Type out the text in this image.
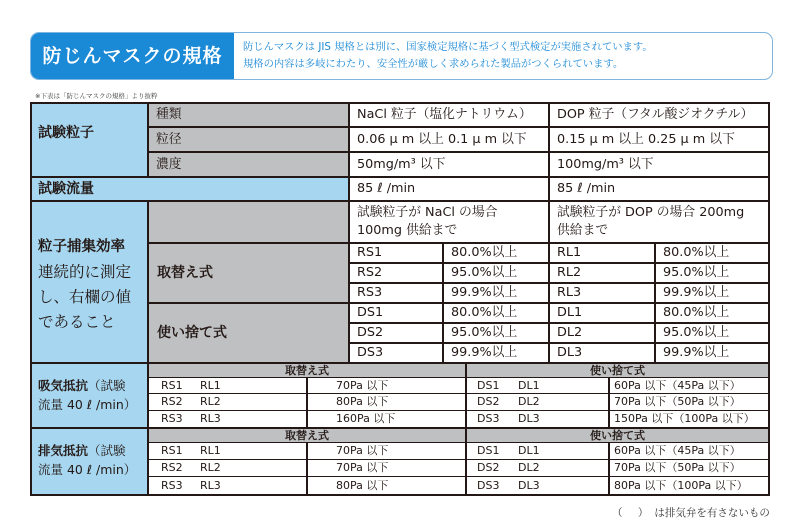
防じんマスクの規格	防じんマスクは JIS 規格とは別に、国家検定規格に基づく型式検定が実施されています。
規格の内容は多岐にわたり、安全性が厳しく求められた製品がつくられています。
※下表は「防じんマスクの規格」より抜粋
試験粒子
種類	NaCl 粒子（塩化ナトリウム）	DOP 粒子（フタル酸ジオクチル）
粒径	0.06 μ m 以上 0.1 μ m 以下	0.15 μ m 以上 0.25 μ m 以下
濃度	50mg/m³ 以下	100mg/m³ 以下
試験流量	85 ℓ /min	85 ℓ /min
粒子捕集効率
連続的に測定
し、右欄の値
であること
試験粒子が NaCl の場合
100mg 供給まで
試験粒子が DOP の場合 200mg
供給まで
取替え式
使い捨て式
RS1	80.0%以上	RL1	80.0%以上
RS2	95.0%以上	RL2	95.0%以上
RS3	99.9%以上	RL3	99.9%以上
DS1	80.0%以上	DL1	80.0%以上
DS2	95.0%以上	DL2	95.0%以上
DS3	99.9%以上	DL3	99.9%以上
吸気抵抗（試験
流量 40 ℓ /min）
取替え式	使い捨て式
RS1	RL1	70Pa 以下	DS1	DL1	60Pa 以下（45Pa 以下）
RS2	RL2	80Pa 以下	DS2	DL2	70Pa 以下（50Pa 以下）
RS3	RL3	160Pa 以下	DS3	DL3	150Pa 以下（100Pa 以下）
排気抵抗（試験
流量 40 ℓ /min）
取替え式	使い捨て式
RS1	RL1	70Pa 以下	DS1	DL1	60Pa 以下（45Pa 以下）
RS2	RL2	70Pa 以下	DS2	DL2	70Pa 以下（50Pa 以下）
RS3	RL3	80Pa 以下	DS3	DL3	80Pa 以下（100Pa 以下）
（ ）は排気弁を有さないもの
